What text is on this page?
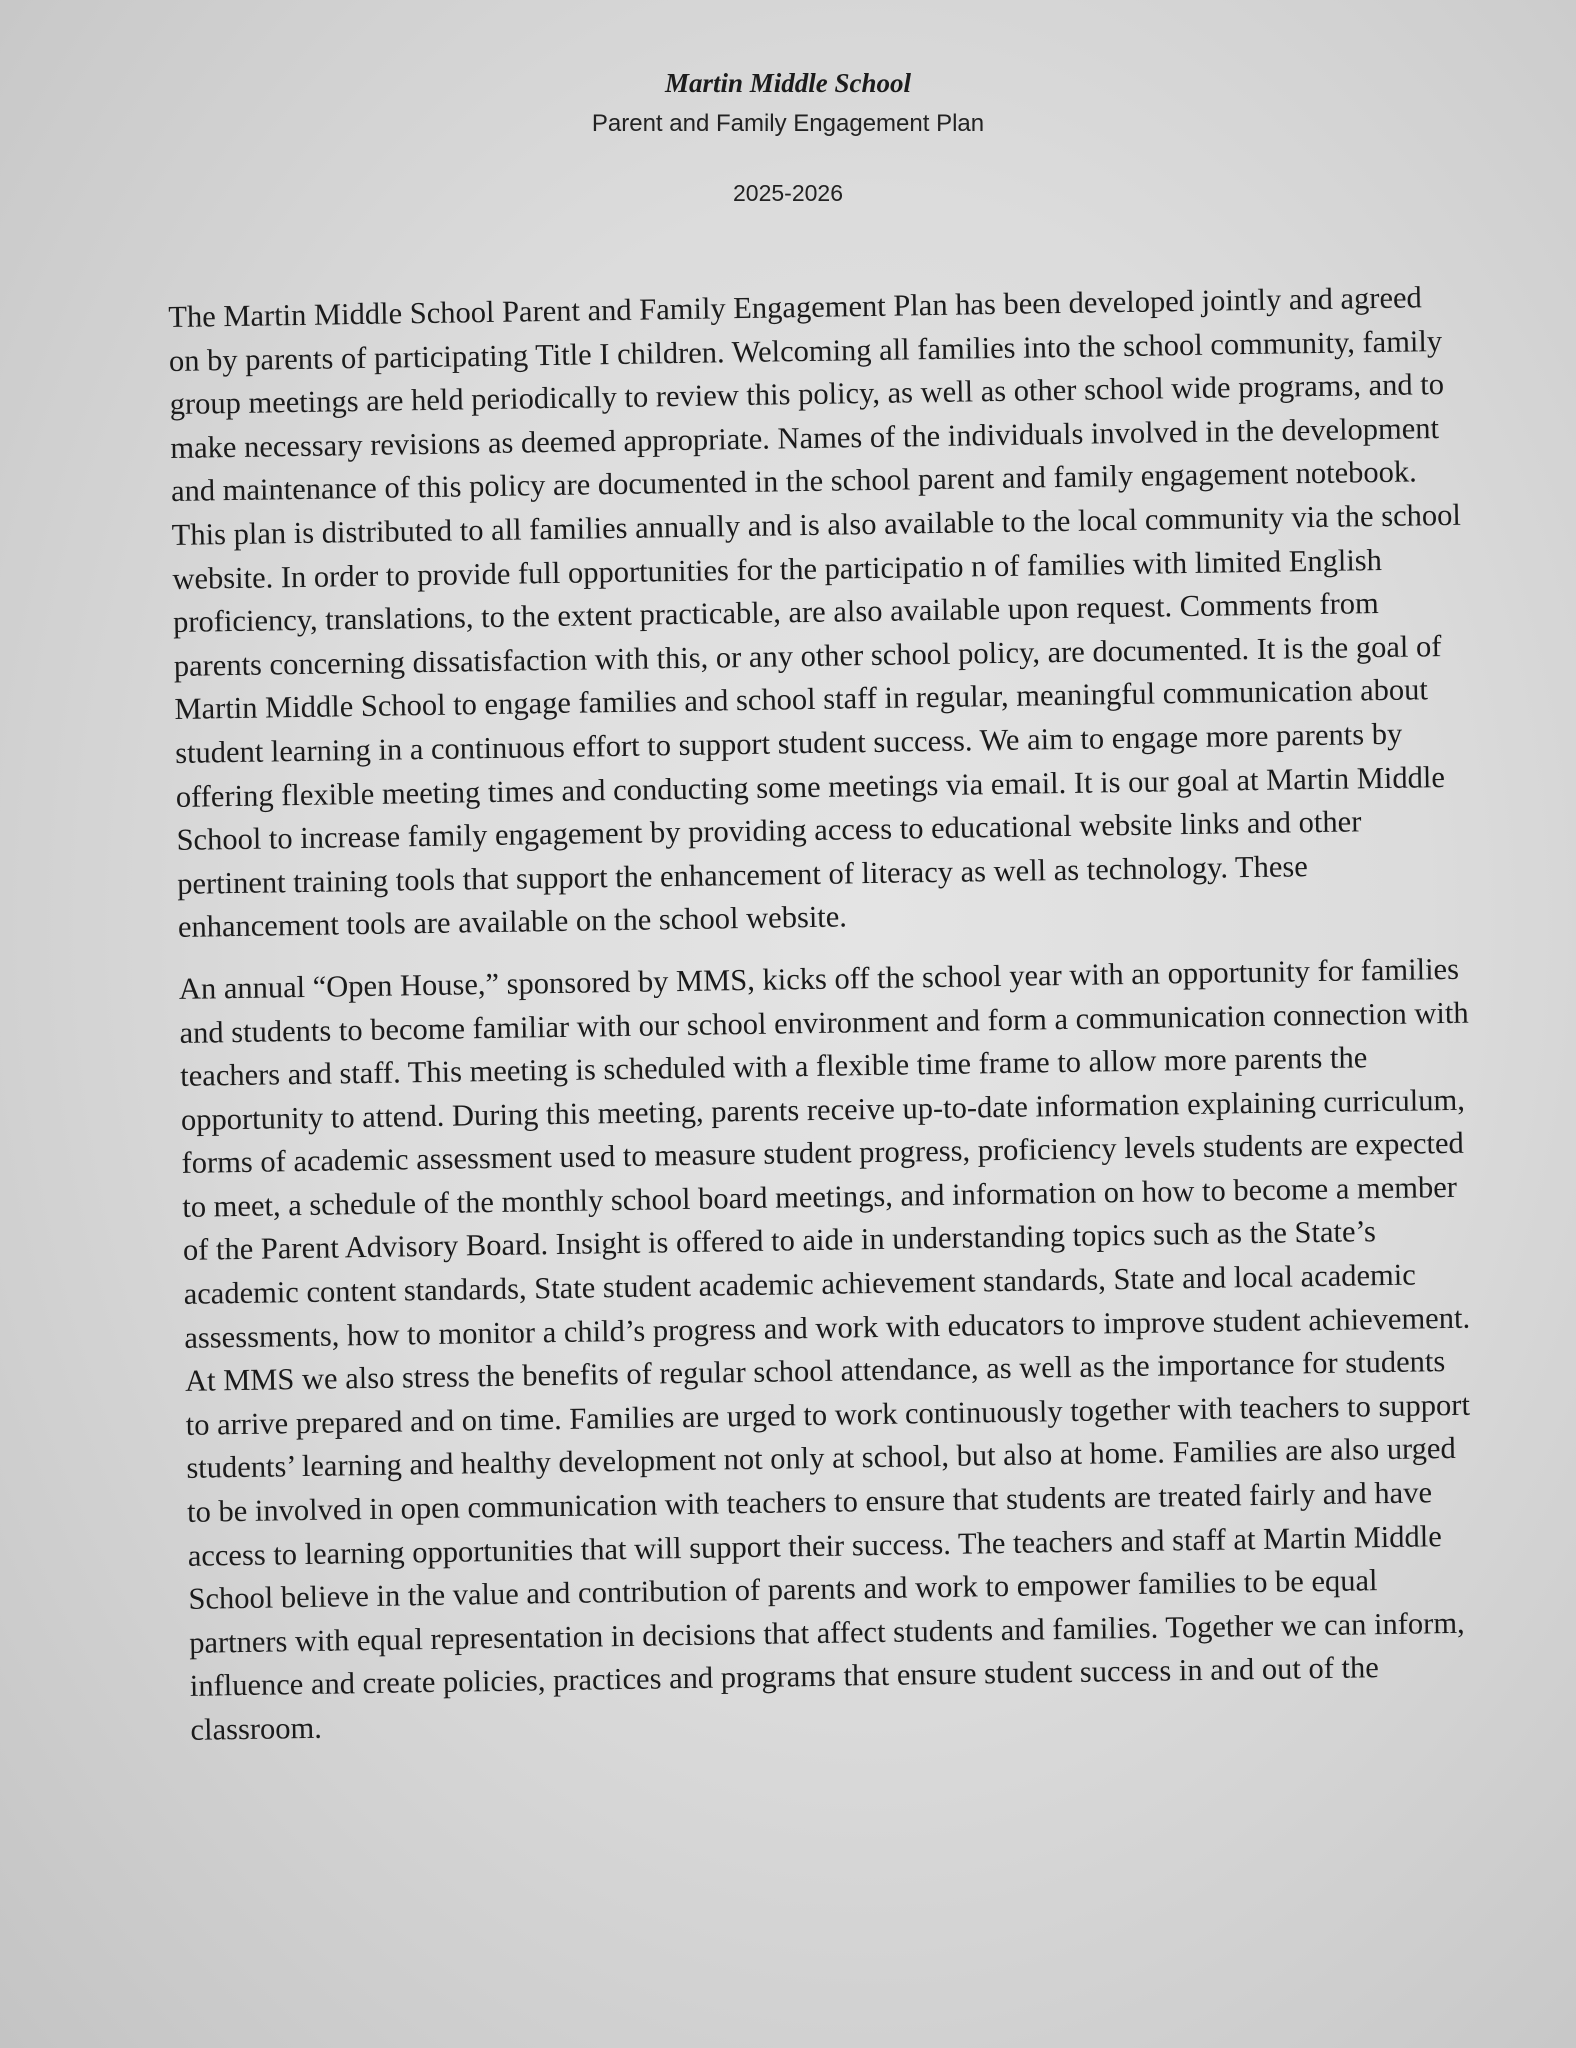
Martin Middle School

Parent and Family Engagement Plan

2025-2026

The Martin Middle School Parent and Family Engagement Plan has been developed jointly and agreed on by parents of participating Title I children. Welcoming all families into the school community, family group meetings are held periodically to review this policy, as well as other school wide programs, and to make necessary revisions as deemed appropriate. Names of the individuals involved in the development and maintenance of this policy are documented in the school parent and family engagement notebook. This plan is distributed to all families annually and is also available to the local community via the school website. In order to provide full opportunities for the participatio n of families with limited English proficiency, translations, to the extent practicable, are also available upon request. Comments from parents concerning dissatisfaction with this, or any other school policy, are documented. It is the goal of Martin Middle School to engage families and school staff in regular, meaningful communication about student learning in a continuous effort to support student success. We aim to engage more parents by offering flexible meeting times and conducting some meetings via email. It is our goal at Martin Middle School to increase family engagement by providing access to educational website links and other pertinent training tools that support the enhancement of literacy as well as technology. These enhancement tools are available on the school website.

An annual “Open House,” sponsored by MMS, kicks off the school year with an opportunity for families and students to become familiar with our school environment and form a communication connection with teachers and staff. This meeting is scheduled with a flexible time frame to allow more parents the opportunity to attend. During this meeting, parents receive up-to-date information explaining curriculum, forms of academic assessment used to measure student progress, proficiency levels students are expected to meet, a schedule of the monthly school board meetings, and information on how to become a member of the Parent Advisory Board. Insight is offered to aide in understanding topics such as the State’s academic content standards, State student academic achievement standards, State and local academic assessments, how to monitor a child’s progress and work with educators to improve student achievement. At MMS we also stress the benefits of regular school attendance, as well as the importance for students to arrive prepared and on time. Families are urged to work continuously together with teachers to support students’ learning and healthy development not only at school, but also at home. Families are also urged to be involved in open communication with teachers to ensure that students are treated fairly and have access to learning opportunities that will support their success. The teachers and staff at Martin Middle School believe in the value and contribution of parents and work to empower families to be equal partners with equal representation in decisions that affect students and families. Together we can inform, influence and create policies, practices and programs that ensure student success in and out of the classroom.
